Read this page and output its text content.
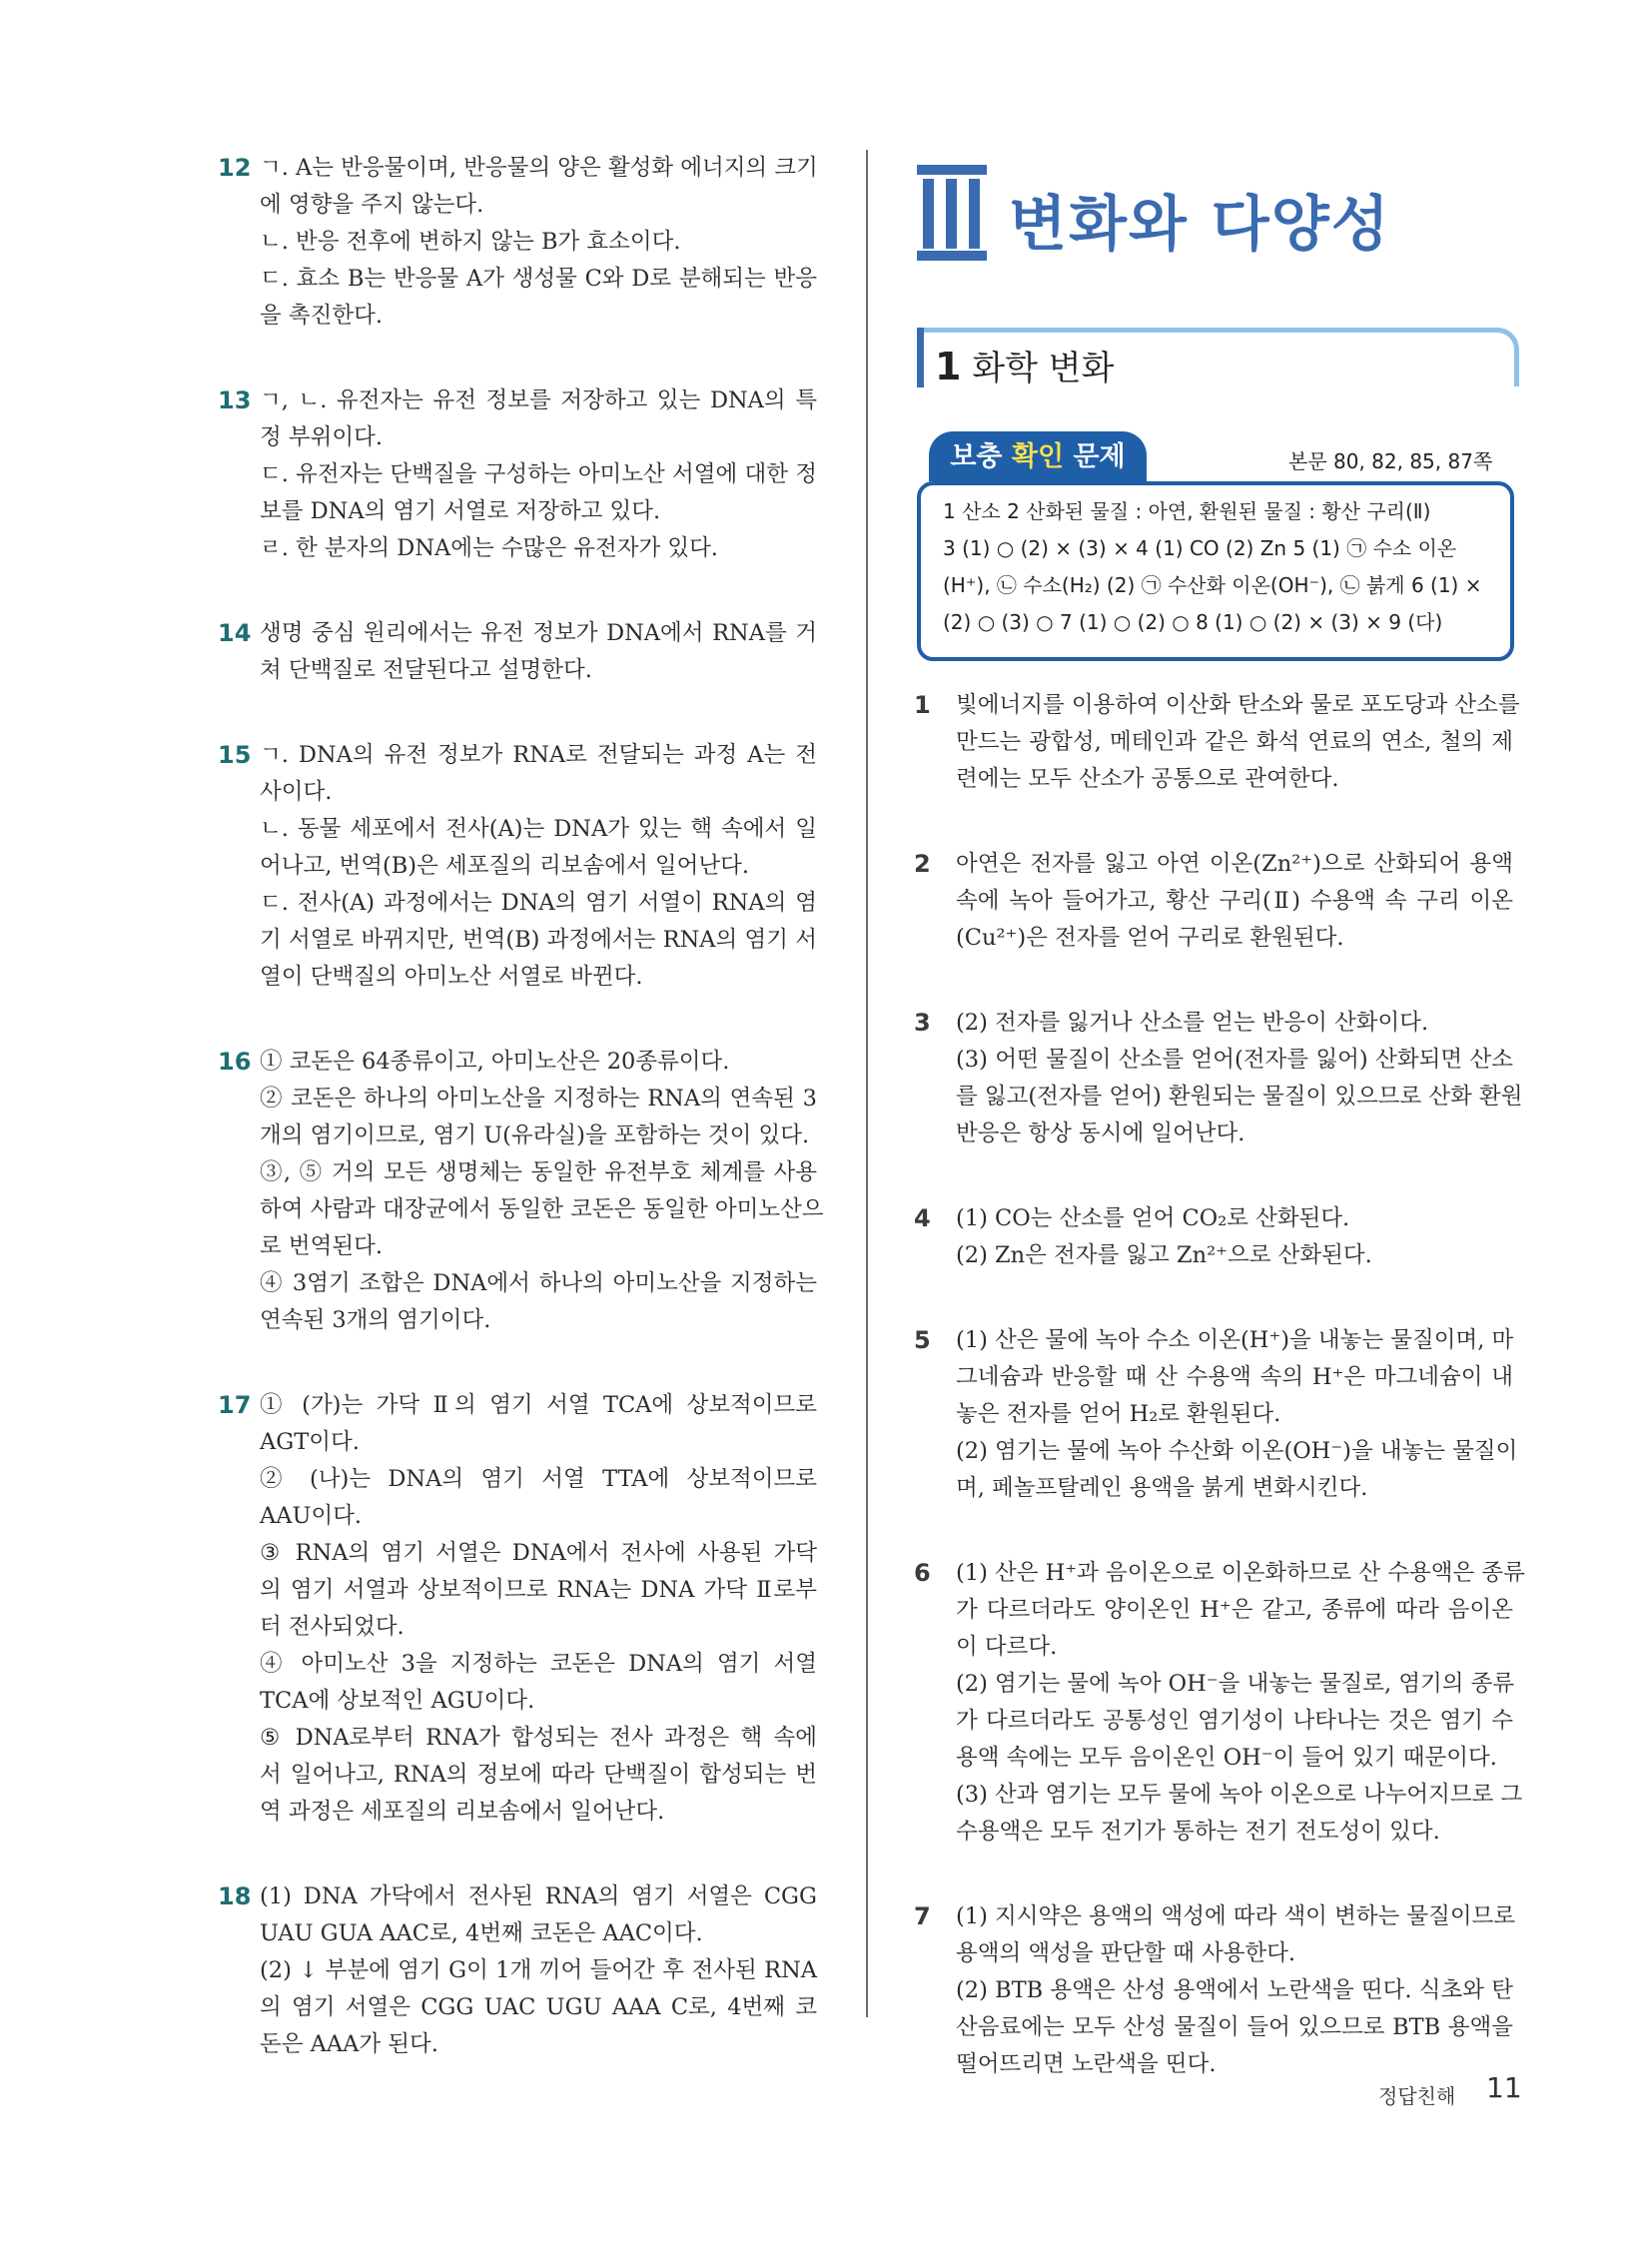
12 ㄱ. A는 반응물이며, 반응물의 양은 활성화 에너지의 크기
에 영향을 주지 않는다.
ㄴ. 반응 전후에 변하지 않는 B가 효소이다.
ㄷ. 효소 B는 반응물 A가 생성물 C와 D로 분해되는 반응
을 촉진한다.
13 ㄱ, ㄴ. 유전자는 유전 정보를 저장하고 있는 DNA의 특
정 부위이다.
ㄷ. 유전자는 단백질을 구성하는 아미노산 서열에 대한 정
보를 DNA의 염기 서열로 저장하고 있다.
ㄹ. 한 분자의 DNA에는 수많은 유전자가 있다.
14 생명 중심 원리에서는 유전 정보가 DNA에서 RNA를 거
쳐 단백질로 전달된다고 설명한다.
15 ㄱ. DNA의 유전 정보가 RNA로 전달되는 과정 A는 전
사이다.
ㄴ. 동물 세포에서 전사(A)는 DNA가 있는 핵 속에서 일
어나고, 번역(B)은 세포질의 리보솜에서 일어난다.
ㄷ. 전사(A) 과정에서는 DNA의 염기 서열이 RNA의 염
기 서열로 바뀌지만, 번역(B) 과정에서는 RNA의 염기 서
열이 단백질의 아미노산 서열로 바뀐다.
16 ① 코돈은 64종류이고, 아미노산은 20종류이다.
② 코돈은 하나의 아미노산을 지정하는 RNA의 연속된 3
개의 염기이므로, 염기 U(유라실)을 포함하는 것이 있다.
③, ⑤ 거의 모든 생명체는 동일한 유전부호 체계를 사용
하여 사람과 대장균에서 동일한 코돈은 동일한 아미노산으
로 번역된다.
④ 3염기 조합은 DNA에서 하나의 아미노산을 지정하는
연속된 3개의 염기이다.
17 ① (가)는 가닥 Ⅱ의 염기 서열 TCA에 상보적이므로
AGT이다.
② (나)는 DNA의 염기 서열 TTA에 상보적이므로
AAU이다.
③ RNA의 염기 서열은 DNA에서 전사에 사용된 가닥
의 염기 서열과 상보적이므로 RNA는 DNA 가닥 Ⅱ로부
터 전사되었다.
④ 아미노산 3을 지정하는 코돈은 DNA의 염기 서열
TCA에 상보적인 AGU이다.
⑤ DNA로부터 RNA가 합성되는 전사 과정은 핵 속에
서 일어나고, RNA의 정보에 따라 단백질이 합성되는 번
역 과정은 세포질의 리보솜에서 일어난다.
18 (1) DNA 가닥에서 전사된 RNA의 염기 서열은 CGG
UAU GUA AAC로, 4번째 코돈은 AAC이다.
(2) ↓ 부분에 염기 G이 1개 끼어 들어간 후 전사된 RNA
의 염기 서열은 CGG UAC UGU AAA C로, 4번째 코
돈은 AAA가 된다.
변화와 다양성
1 화학 변화
보충 확인 문제	본문 80, 82, 85, 87쪽
1 산소 2 산화된 물질 : 아연, 환원된 물질 : 황산 구리(Ⅱ)
3 (1) ○ (2) × (3) × 4 (1) CO (2) Zn 5 (1) ㉠ 수소 이온
(H⁺), ㉡ 수소(H₂) (2) ㉠ 수산화 이온(OH⁻), ㉡ 붉게 6 (1) ×
(2) ○ (3) ○ 7 (1) ○ (2) ○ 8 (1) ○ (2) × (3) × 9 (다)
1 빛에너지를 이용하여 이산화 탄소와 물로 포도당과 산소를
만드는 광합성, 메테인과 같은 화석 연료의 연소, 철의 제
련에는 모두 산소가 공통으로 관여한다.
2 아연은 전자를 잃고 아연 이온(Zn²⁺)으로 산화되어 용액
속에 녹아 들어가고, 황산 구리(Ⅱ) 수용액 속 구리 이온
(Cu²⁺)은 전자를 얻어 구리로 환원된다.
3 (2) 전자를 잃거나 산소를 얻는 반응이 산화이다.
(3) 어떤 물질이 산소를 얻어(전자를 잃어) 산화되면 산소
를 잃고(전자를 얻어) 환원되는 물질이 있으므로 산화 환원
반응은 항상 동시에 일어난다.
4 (1) CO는 산소를 얻어 CO₂로 산화된다.
(2) Zn은 전자를 잃고 Zn²⁺으로 산화된다.
5 (1) 산은 물에 녹아 수소 이온(H⁺)을 내놓는 물질이며, 마
그네슘과 반응할 때 산 수용액 속의 H⁺은 마그네슘이 내
놓은 전자를 얻어 H₂로 환원된다.
(2) 염기는 물에 녹아 수산화 이온(OH⁻)을 내놓는 물질이
며, 페놀프탈레인 용액을 붉게 변화시킨다.
6 (1) 산은 H⁺과 음이온으로 이온화하므로 산 수용액은 종류
가 다르더라도 양이온인 H⁺은 같고, 종류에 따라 음이온
이 다르다.
(2) 염기는 물에 녹아 OH⁻을 내놓는 물질로, 염기의 종류
가 다르더라도 공통성인 염기성이 나타나는 것은 염기 수
용액 속에는 모두 음이온인 OH⁻이 들어 있기 때문이다.
(3) 산과 염기는 모두 물에 녹아 이온으로 나누어지므로 그
수용액은 모두 전기가 통하는 전기 전도성이 있다.
7 (1) 지시약은 용액의 액성에 따라 색이 변하는 물질이므로
용액의 액성을 판단할 때 사용한다.
(2) BTB 용액은 산성 용액에서 노란색을 띤다. 식초와 탄
산음료에는 모두 산성 물질이 들어 있으므로 BTB 용액을
떨어뜨리면 노란색을 띤다.
정답친해 11
